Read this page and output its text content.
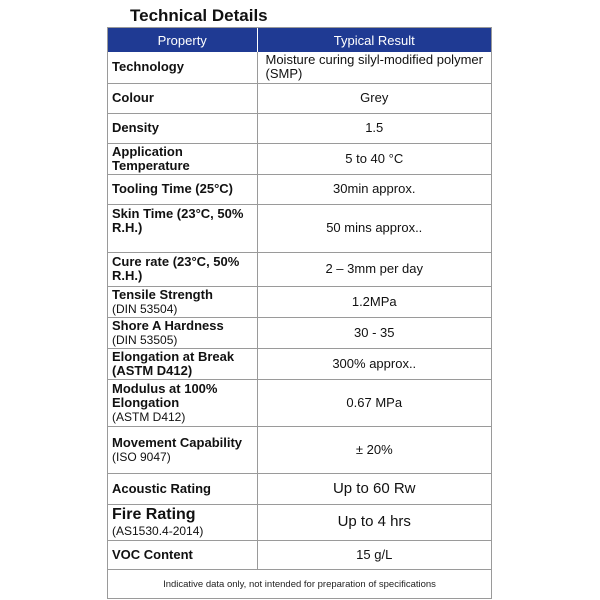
Technical Details
Property	Typical Result
Technology	Moisture curing silyl-modified polymer (SMP)
Colour	Grey
Density	1.5
Application Temperature	5 to 40 °C
Tooling Time (25°C)	30min approx.
Skin Time (23°C, 50% R.H.)	50 mins approx..
Cure rate (23°C, 50% R.H.)	2 – 3mm per day
Tensile Strength
(DIN 53504)	1.2MPa
Shore A Hardness
(DIN 53505)	30 - 35
Elongation at Break (ASTM D412)	300% approx..
Modulus at 100% Elongation
(ASTM D412)	0.67 MPa
Movement Capability
(ISO 9047)	± 20%
Acoustic Rating	Up to 60 Rw

Fire Rating
(AS1530.4-2014)	Up to 4 hrs
VOC Content	15 g/L
Indicative data only, not intended for preparation of specifications
